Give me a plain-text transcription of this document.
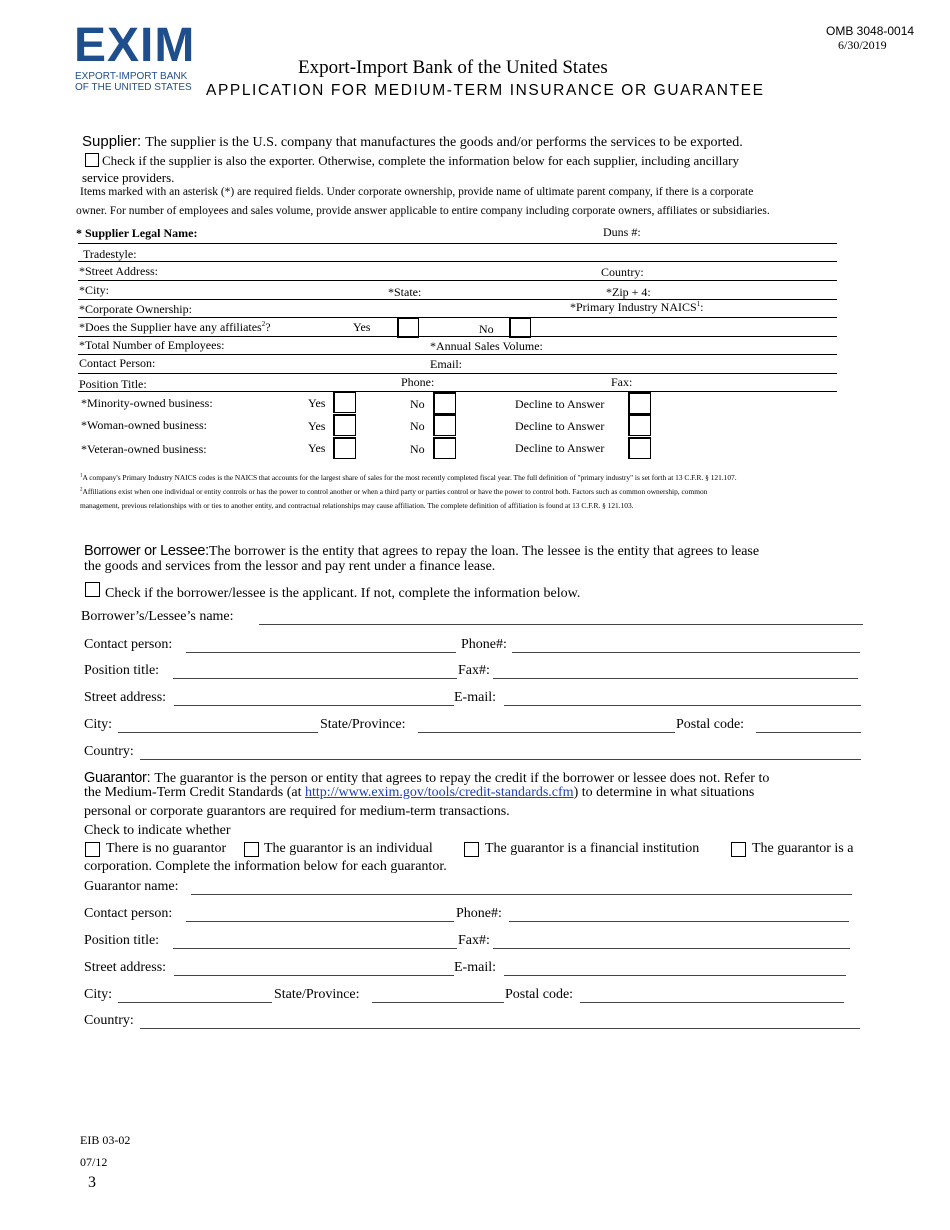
EXIM
EXPORT-IMPORT BANK
OF THE UNITED STATES
OMB 3048-0014
6/30/2019
Export-Import Bank of the United States
APPLICATION FOR MEDIUM-TERM INSURANCE OR GUARANTEE
Supplier: The supplier is the U.S. company that manufactures the goods and/or performs the services to be exported.
Check if the supplier is also the exporter. Otherwise, complete the information below for each supplier, including ancillary
service providers.
Items marked with an asterisk (*) are required fields. Under corporate ownership, provide name of ultimate parent company, if there is a corporate
owner. For number of employees and sales volume, provide answer applicable to entire company including corporate owners, affiliates or subsidiaries.
* Supplier Legal Name:	Duns #:
Tradestyle:
*Street Address:	Country:
*City:	*State:	*Zip + 4:
*Corporate Ownership:	*Primary Industry NAICS$^1$:
*Does the Supplier have any affiliates$^2$?	Yes	No
*Total Number of Employees:	*Annual Sales Volume:
Contact Person:	Email:
Position Title:	Phone:	Fax:
*Minority-owned business:	Yes	No	Decline to Answer
*Woman-owned business:	Yes	No	Decline to Answer
*Veteran-owned business:	Yes	No	Decline to Answer
$^1$A company's Primary Industry NAICS codes is the NAICS that accounts for the largest share of sales for the most recently completed fiscal year. The full definition of "primary industry" is set forth at 13 C.F.R. § 121.107.
$^2$Affiliations exist when one individual or entity controls or has the power to control another or when a third party or parties control or have the power to control both. Factors such as common ownership, common
management, previous relationships with or ties to another entity, and contractual relationships may cause affiliation. The complete definition of affiliation is found at 13 C.F.R. § 121.103.
Borrower or Lessee:The borrower is the entity that agrees to repay the loan. The lessee is the entity that agrees to lease
the goods and services from the lessor and pay rent under a finance lease.
Check if the borrower/lessee is the applicant. If not, complete the information below.
Borrower’s/Lessee’s name:
Contact person:	Phone#:
Position title:	Fax#:
Street address:	E-mail:
City:	State/Province:	Postal code:
Country:
Guarantor: The guarantor is the person or entity that agrees to repay the credit if the borrower or lessee does not. Refer to
the Medium-Term Credit Standards (at http://www.exim.gov/tools/credit-standards.cfm) to determine in what situations
personal or corporate guarantors are required for medium-term transactions.
Check to indicate whether
There is no guarantor	The guarantor is an individual	The guarantor is a financial institution	The guarantor is a
corporation. Complete the information below for each guarantor.
Guarantor name:
Contact person:	Phone#:
Position title:	Fax#:
Street address:	E-mail:
City:	State/Province:	Postal code:
Country:
EIB 03-02
07/12
3
